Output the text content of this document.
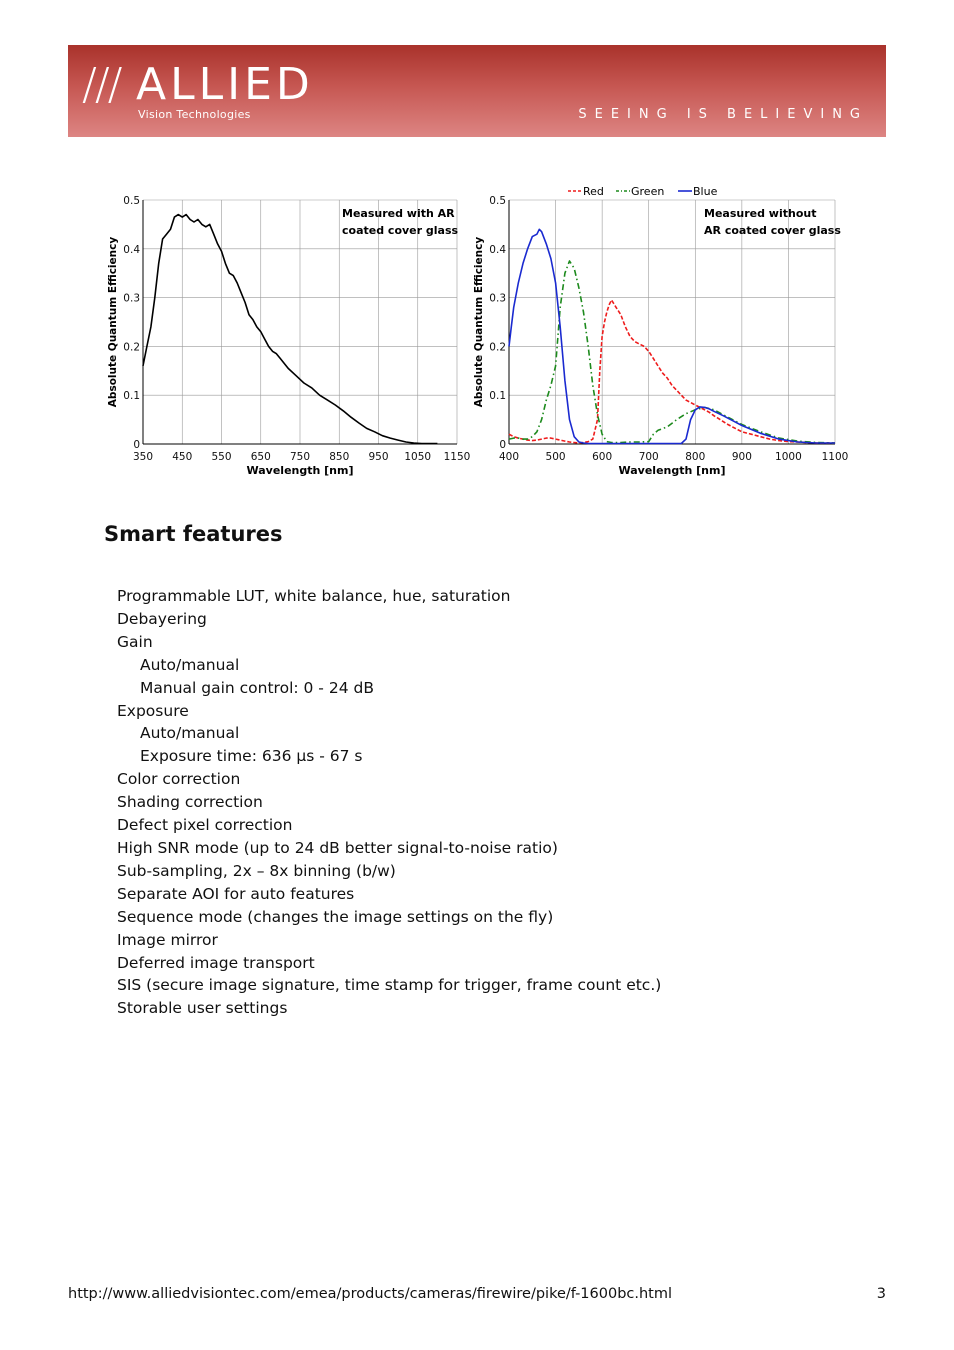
/// ALLIED
Vision Technologies	SEEING IS BELIEVING
Measured with AR
coated cover glass
350 450 550 650 750 850 950 1050 1150
0
0.1
0.2
0.3
0.4
0.5
Wavelength [nm]
Absolute Quantum Efficiency
Measured without
AR coated cover glass
400	500	600	700	800	900 1000 1100
0
0.1
0.2
0.3
0.4
0.5
Wavelength [nm]
Absolute Quantum Efficiency
Red Green	Blue
Smart features
Programmable LUT, white balance, hue, saturation
Debayering
Gain
Auto/manual
Manual gain control: 0 - 24 dB
Exposure
Auto/manual
Exposure time: 636 µs - 67 s
Color correction
Shading correction
Defect pixel correction
High SNR mode (up to 24 dB better signal-to-noise ratio)
Sub-sampling, 2x – 8x binning (b/w)
Separate AOI for auto features
Sequence mode (changes the image settings on the fly)
Image mirror
Deferred image transport
SIS (secure image signature, time stamp for trigger, frame count etc.)
Storable user settings
http://www.alliedvisiontec.com/emea/products/cameras/firewire/pike/f-1600bc.html	3
